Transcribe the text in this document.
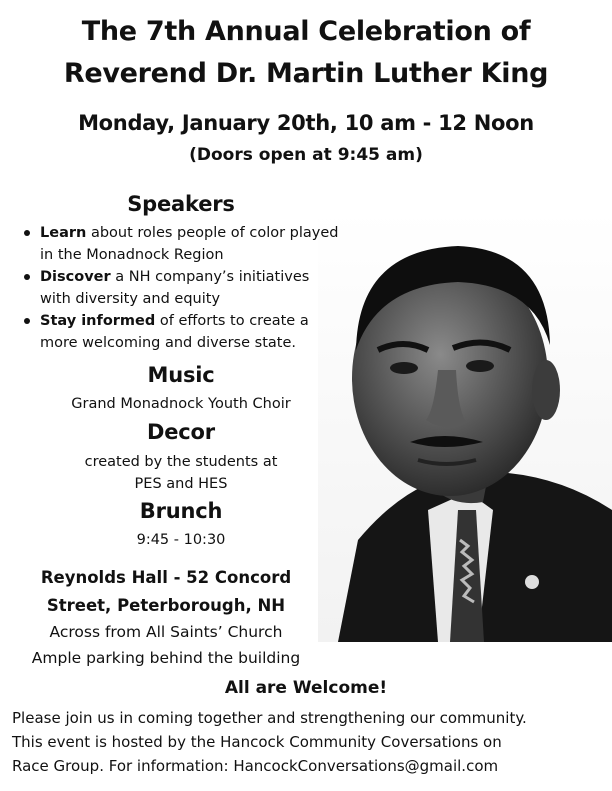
The 7th Annual Celebration of
Reverend Dr. Martin Luther King
Monday, January 20th, 10 am - 12 Noon
(Doors open at 9:45 am)
Speakers
Learn about roles people of color played in the Monadnock Region
Discover a NH company’s initiatives with diversity and equity
Stay informed of efforts to create a more welcoming and diverse state.
Music
Grand Monadnock Youth Choir
Decor
created by the students at
PES and HES
Brunch
9:45 - 10:30
Reynolds Hall - 52 Concord
Street, Peterborough, NH
Across from All Saints’ Church
Ample parking behind the building
All are Welcome!
Please join us in coming together and strengthening our community.
This event is hosted by the Hancock Community Coversations on
Race Group. For information: HancockConversations@gmail.com
